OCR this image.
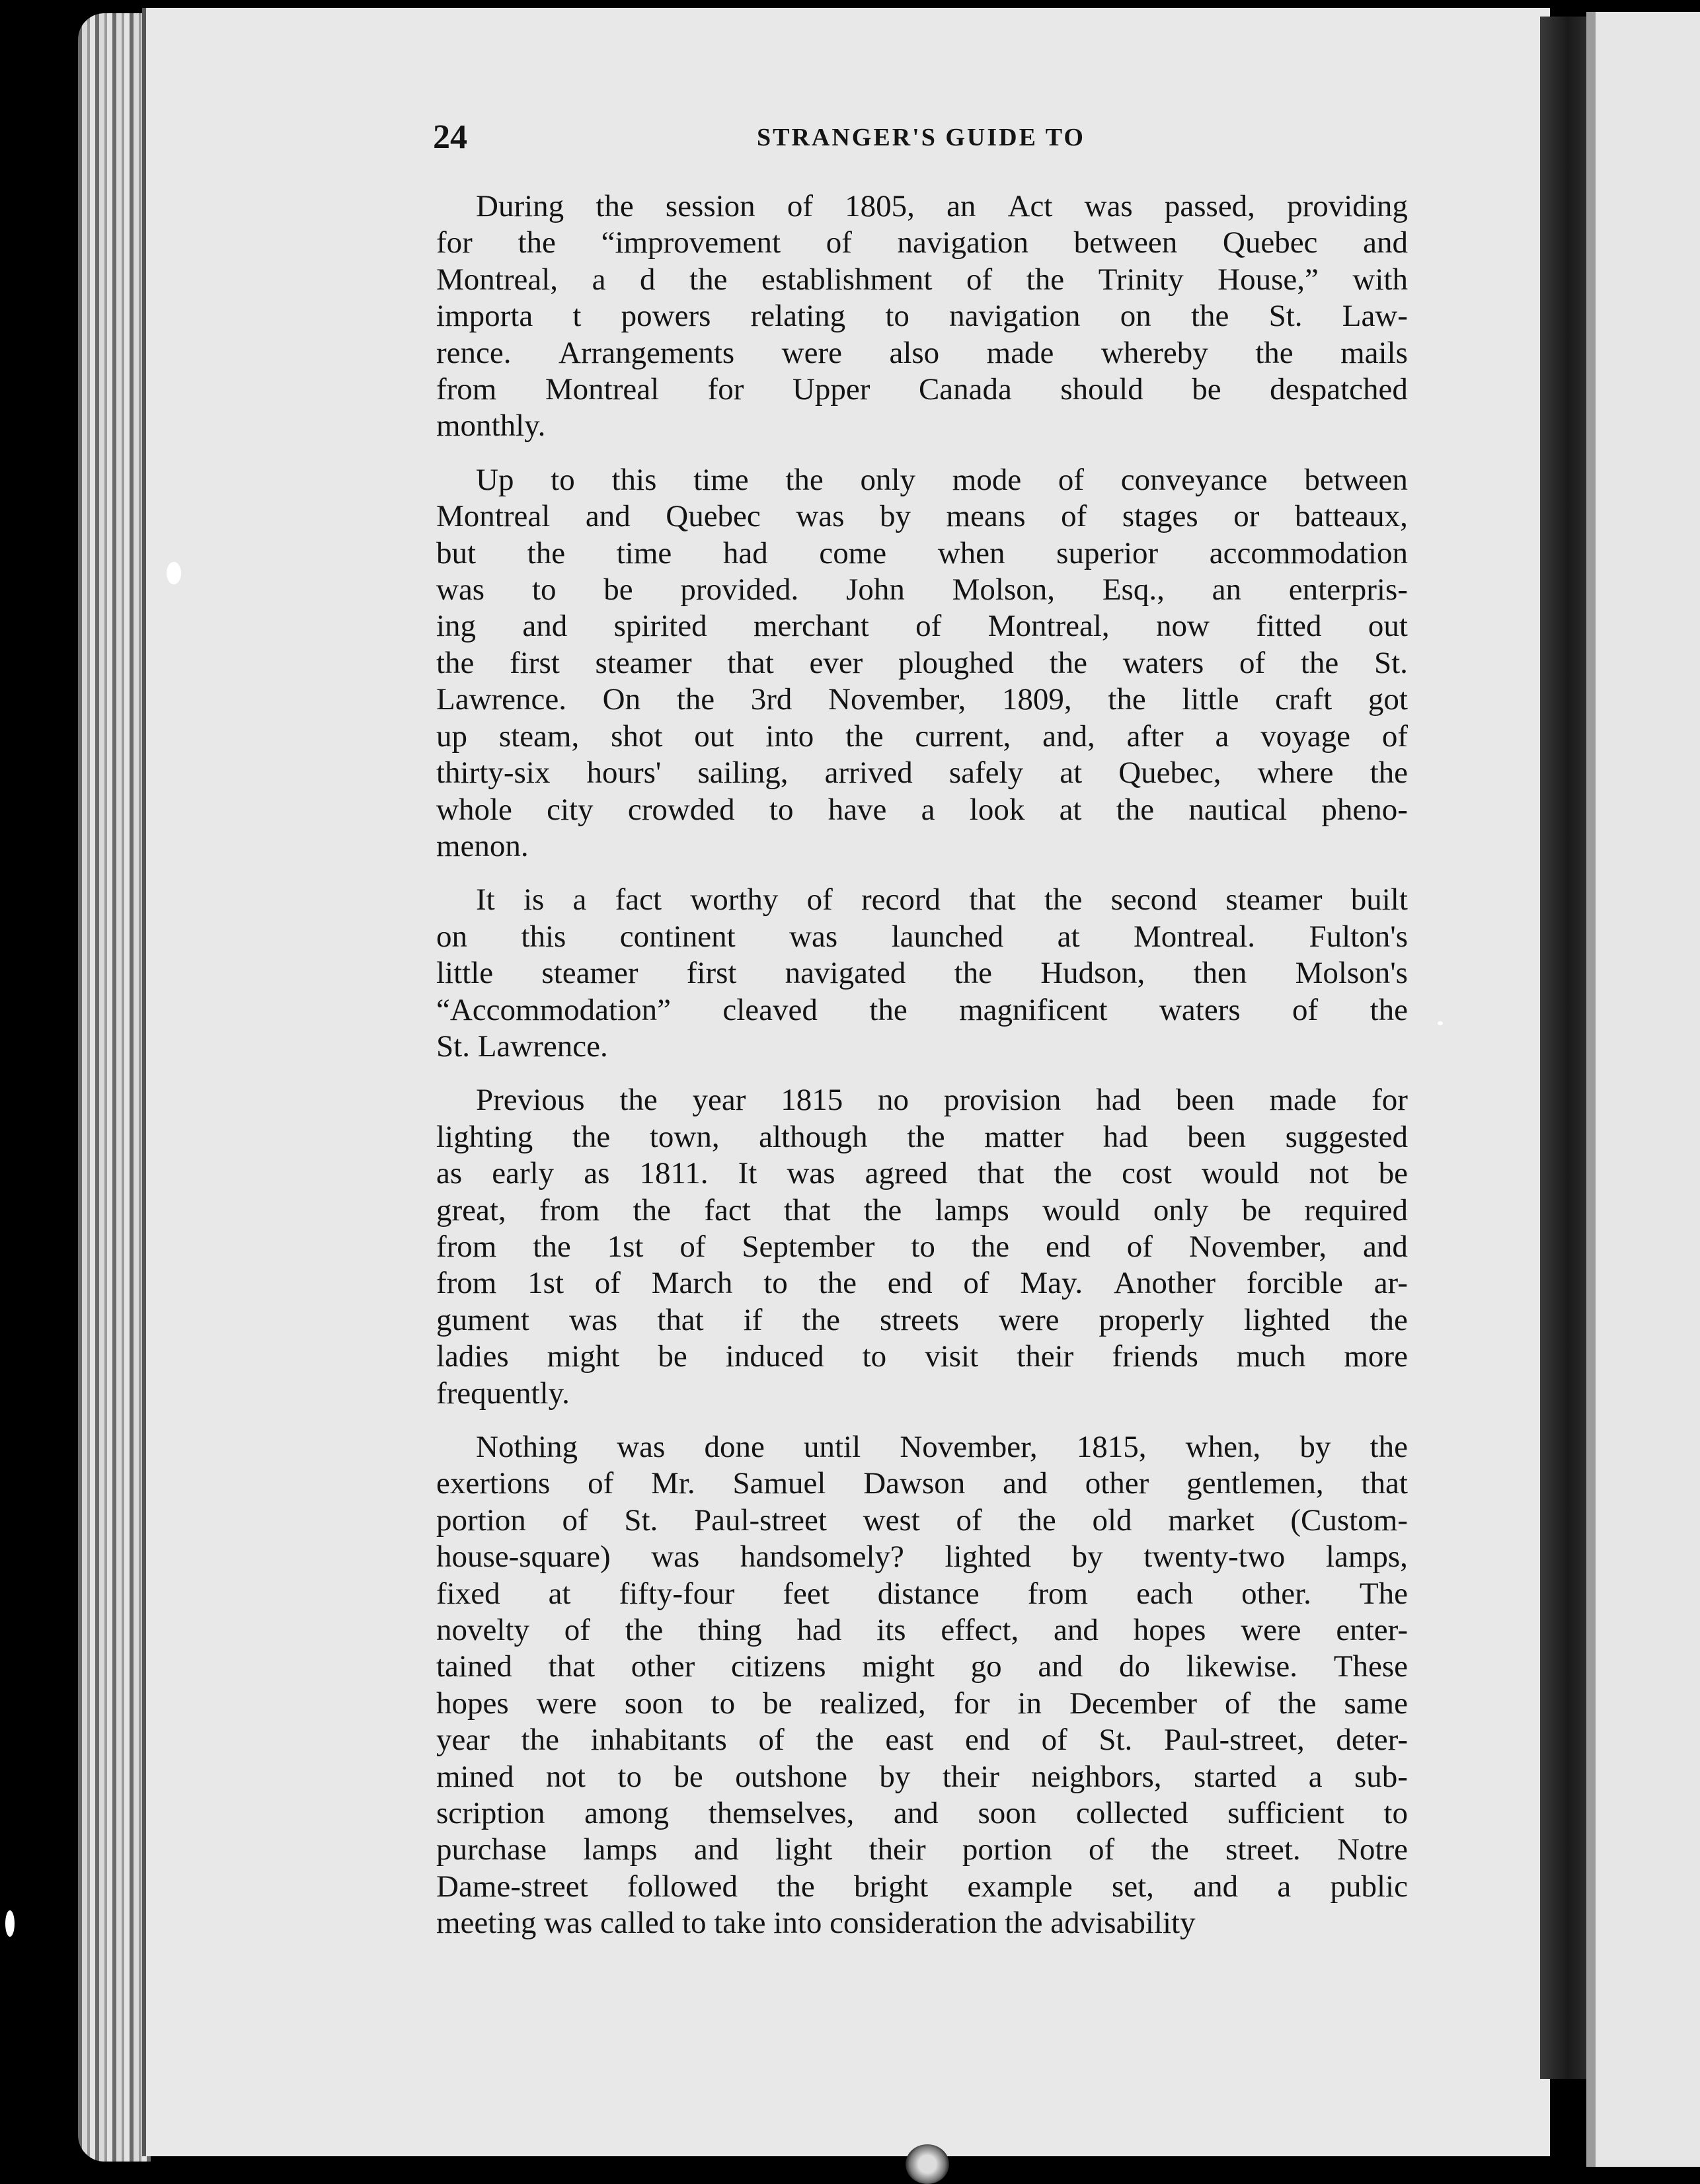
24	STRANGER'S GUIDE TO
During the session of 1805, an Act was passed, providing
for the “improvement of navigation between Quebec and
Montreal, a d the establishment of the Trinity House,” with
importa t powers relating to navigation on the St. Law-
rence. Arrangements were also made whereby the mails
from Montreal for Upper Canada should be despatched
monthly.
Up to this time the only mode of conveyance between
Montreal and Quebec was by means of stages or batteaux,
but the time had come when superior accommodation
was to be provided. John Molson, Esq., an enterpris-
ing and spirited merchant of Montreal, now fitted out
the first steamer that ever ploughed the waters of the St.
Lawrence. On the 3rd November, 1809, the little craft got
up steam, shot out into the current, and, after a voyage of
thirty-six hours' sailing, arrived safely at Quebec, where the
whole city crowded to have a look at the nautical pheno-
menon.
It is a fact worthy of record that the second steamer built
on this continent was launched at Montreal. Fulton's
little steamer first navigated the Hudson, then Molson's
“Accommodation” cleaved the magnificent waters of the
St. Lawrence.
Previous the year 1815 no provision had been made for
lighting the town, although the matter had been suggested
as early as 1811. It was agreed that the cost would not be
great, from the fact that the lamps would only be required
from the 1st of September to the end of November, and
from 1st of March to the end of May. Another forcible ar-
gument was that if the streets were properly lighted the
ladies might be induced to visit their friends much more
frequently.
Nothing was done until November, 1815, when, by the
exertions of Mr. Samuel Dawson and other gentlemen, that
portion of St. Paul-street west of the old market (Custom-
house-square) was handsomely? lighted by twenty-two lamps,
fixed at fifty-four feet distance from each other. The
novelty of the thing had its effect, and hopes were enter-
tained that other citizens might go and do likewise. These
hopes were soon to be realized, for in December of the same
year the inhabitants of the east end of St. Paul-street, deter-
mined not to be outshone by their neighbors, started a sub-
scription among themselves, and soon collected sufficient to
purchase lamps and light their portion of the street. Notre
Dame-street followed the bright example set, and a public
meeting was called to take into consideration the advisability
